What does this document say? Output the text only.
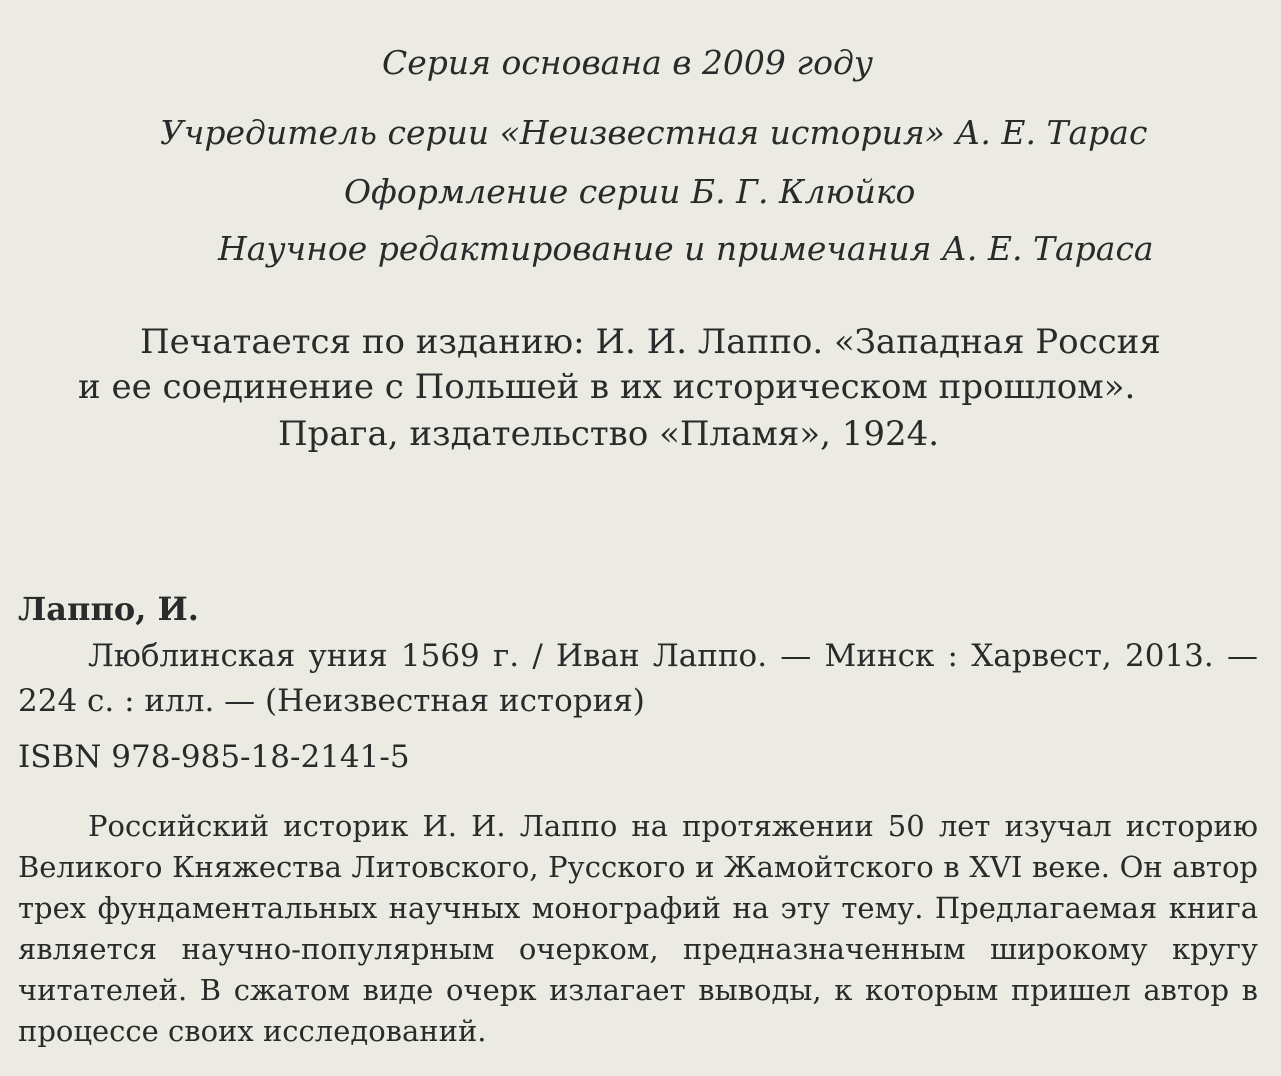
Серия основана в 2009 году
Учредитель серии «Неизвестная история» А. Е. Тарас
Оформление серии Б. Г. Клюйко
Научное редактирование и примечания А. Е. Тараса
Печатается по изданию: И. И. Лаппо. «Западная Россия
и ее соединение с Польшей в их историческом прошлом».
Прага, издательство «Пламя», 1924.
Лаппо, И.
Люблинская уния 1569 г. / Иван Лаппо. — Минск : Харвест, 2013. — 224 с. : илл. — (Неизвестная история)
ISBN 978-985-18-2141-5
Российский историк И. И. Лаппо на протяжении 50 лет изучал историю Великого Княжества Литовского, Русского и Жамойтского в XVI веке. Он автор трех фундаментальных научных монографий на эту тему. Предлагаемая книга является научно-популярным очерком, предназначенным широкому кругу читателей. В сжатом виде очерк излагает выводы, к которым пришел автор в процессе своих исследований.
